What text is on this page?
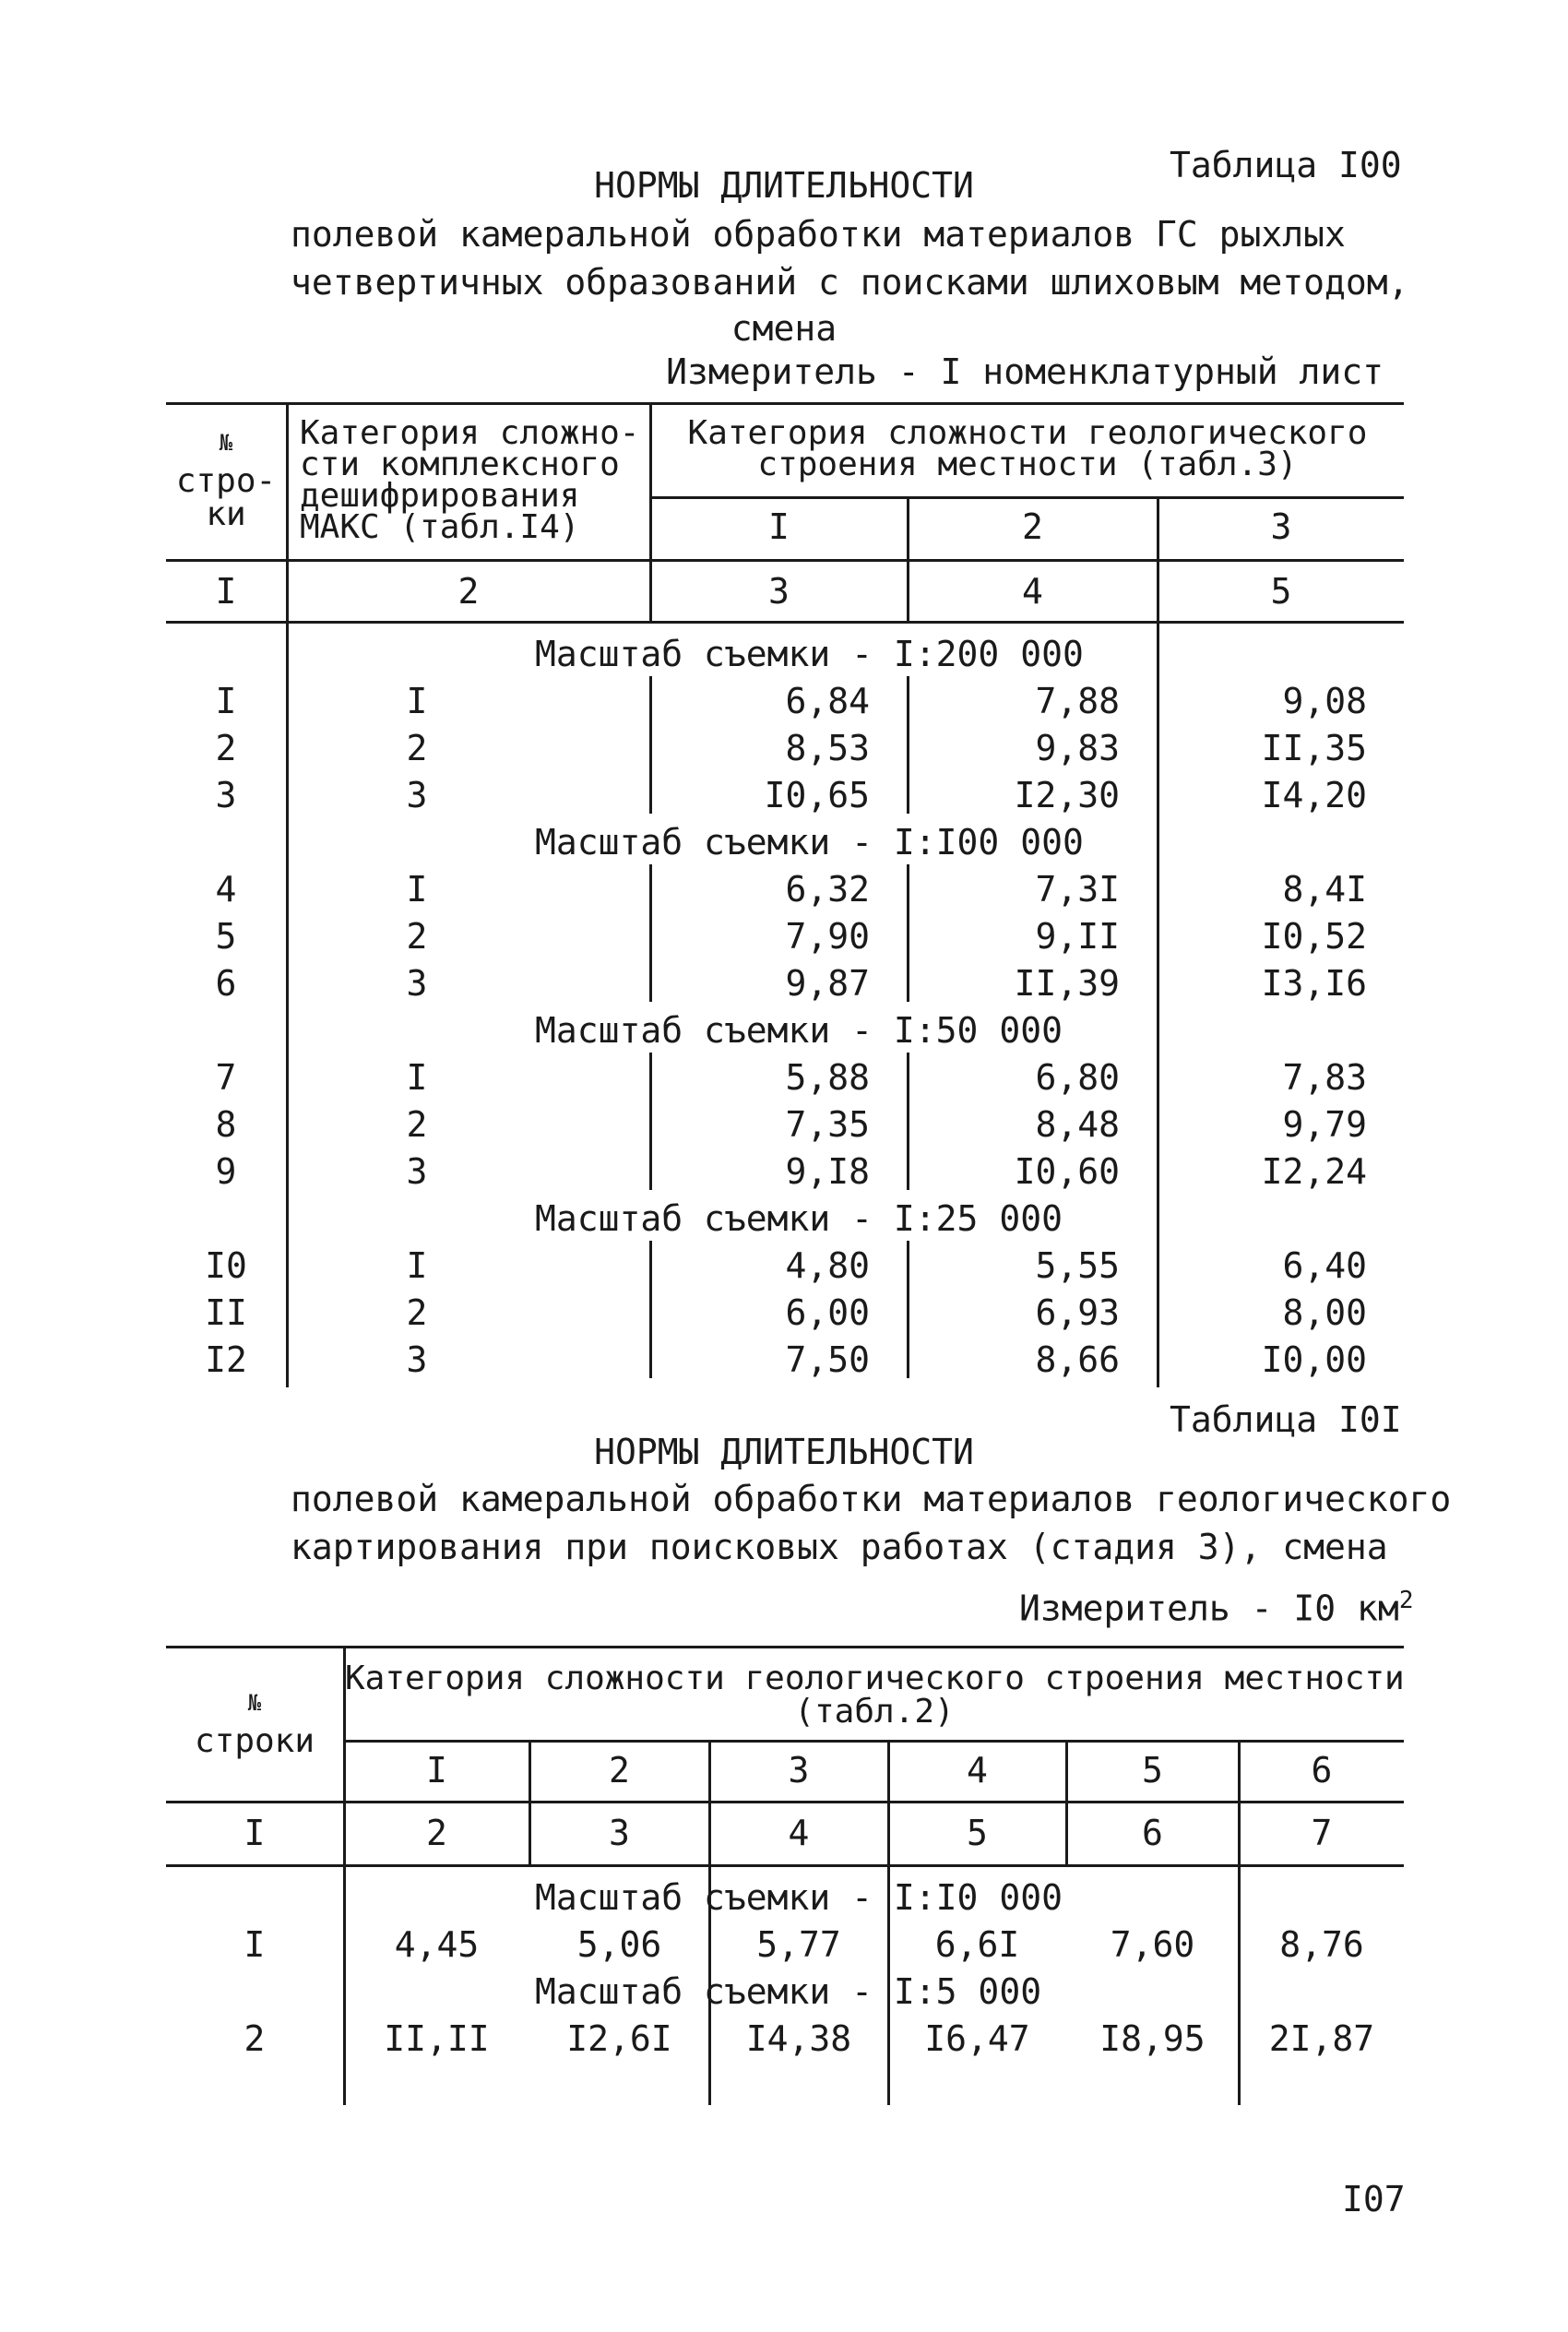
Таблица I00
НОРМЫ ДЛИТЕЛЬНОСТИ
полевой камеральной обработки материалов ГС рыхлых
четвертичных образований с поисками шлиховым методом,
смена
Измеритель - I номенклатурный лист
№
стро-
ки
Категория сложно-
сти комплексного
дешифрирования
МАКС (табл.I4)
Категория сложности геологического
строения местности (табл.3)
I	2	3
I	2	3	4	5
Масштаб съемки - I:200 000
I	I	6,84	7,88	9,08
2	2	8,53	9,83	II,35
3	3	I0,65	I2,30	I4,20
Масштаб съемки - I:I00 000
4	I	6,32	7,3I	8,4I
5	2	7,90	9,II	I0,52
6	3	9,87	II,39	I3,I6
Масштаб съемки - I:50 000
7	I	5,88	6,80	7,83
8	2	7,35	8,48	9,79
9	3	9,I8	I0,60	I2,24
Масштаб съемки - I:25 000
I0	I	4,80	5,55	6,40
II	2	6,00	6,93	8,00
I2	3	7,50	8,66	I0,00
Таблица I0I
НОРМЫ ДЛИТЕЛЬНОСТИ
полевой камеральной обработки материалов геологического
картирования при поисковых работах (стадия 3), смена
Измеритель - I0 $км^2$
№
строки
Категория сложности геологического строения местности
(табл.2)
I	2	3	4	5	6
I	2	3	4	5	6	7
Масштаб съемки - I:I0 000
I	4,45	5,06	5,77	6,6I	7,60	8,76
Масштаб съемки - I:5 000
2	II,II	I2,6I	I4,38	I6,47	I8,95	2I,87
I07
